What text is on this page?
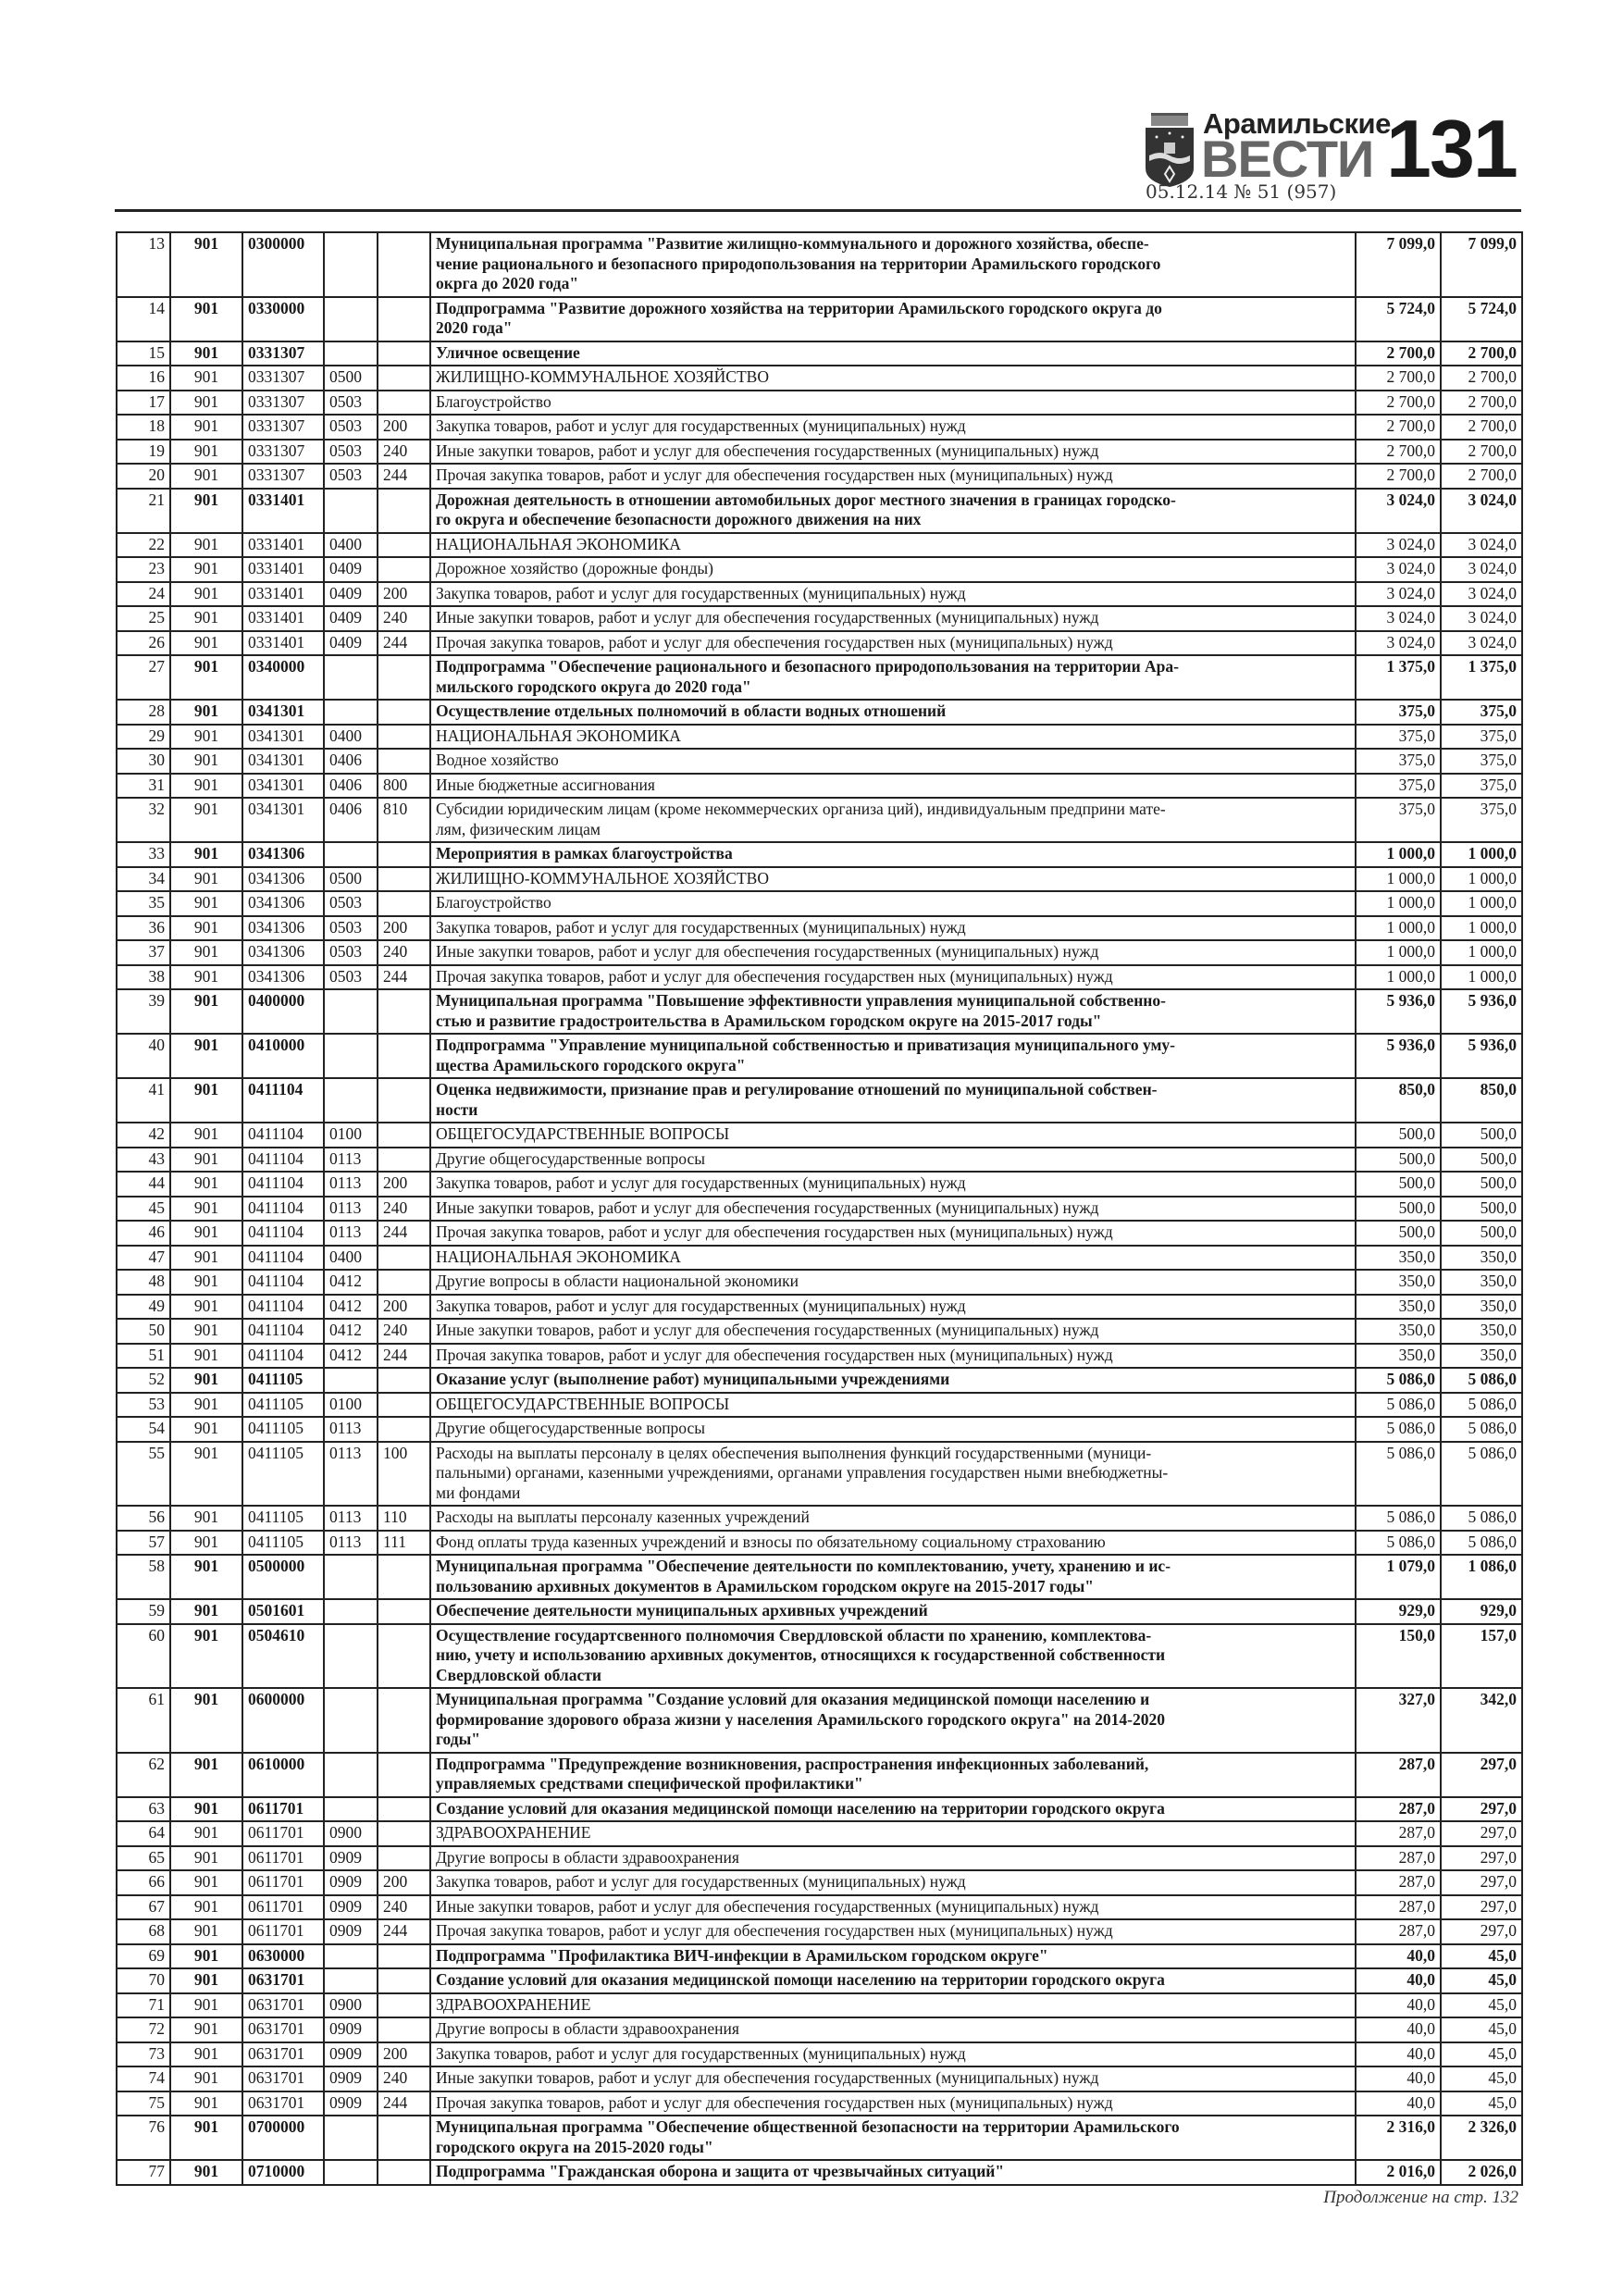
Арамильские
ВЕСТИ 131
05.12.14 № 51 (957)
13	901	0300000			Муниципальная программа "Развитие жилищно-коммунального и дорожного хозяйства, обеспе-
чение рационального и безопасного природопользования на территории Арамильского городского
окрга до 2020 года"	7 099,0	7 099,0
14	901	0330000			Подпрограмма "Развитие дорожного хозяйства на территории Арамильского городского округа до
2020 года"	5 724,0	5 724,0
15	901	0331307			Уличное освещение	2 700,0	2 700,0
16	901	0331307	0500		ЖИЛИЩНО-КОММУНАЛЬНОЕ ХОЗЯЙСТВО	2 700,0	2 700,0
17	901	0331307	0503		Благоустройство	2 700,0	2 700,0
18	901	0331307	0503	200	Закупка товаров, работ и услуг для государственных (муниципальных) нужд	2 700,0	2 700,0
19	901	0331307	0503	240	Иные закупки товаров, работ и услуг для обеспечения государственных (муниципальных) нужд	2 700,0	2 700,0
20	901	0331307	0503	244	Прочая закупка товаров, работ и услуг для обеспечения государствен ных (муниципальных) нужд	2 700,0	2 700,0
21	901	0331401			Дорожная деятельность в отношении автомобильных дорог местного значения в границах городско-
го округа и обеспечение безопасности дорожного движения на них	3 024,0	3 024,0
22	901	0331401	0400		НАЦИОНАЛЬНАЯ ЭКОНОМИКА	3 024,0	3 024,0
23	901	0331401	0409		Дорожное хозяйство (дорожные фонды)	3 024,0	3 024,0
24	901	0331401	0409	200	Закупка товаров, работ и услуг для государственных (муниципальных) нужд	3 024,0	3 024,0
25	901	0331401	0409	240	Иные закупки товаров, работ и услуг для обеспечения государственных (муниципальных) нужд	3 024,0	3 024,0
26	901	0331401	0409	244	Прочая закупка товаров, работ и услуг для обеспечения государствен ных (муниципальных) нужд	3 024,0	3 024,0
27	901	0340000			Подпрограмма "Обеспечение рационального и безопасного природопользования на территории Ара-
мильского городского округа до 2020 года"	1 375,0	1 375,0
28	901	0341301			Осуществление отдельных полномочий в области водных отношений	375,0	375,0
29	901	0341301	0400		НАЦИОНАЛЬНАЯ ЭКОНОМИКА	375,0	375,0
30	901	0341301	0406		Водное хозяйство	375,0	375,0
31	901	0341301	0406	800	Иные бюджетные ассигнования	375,0	375,0
32	901	0341301	0406	810	Субсидии юридическим лицам (кроме некоммерческих организа ций), индивидуальным предприни мате-
лям, физическим лицам	375,0	375,0
33	901	0341306			Мероприятия в рамках благоустройства	1 000,0	1 000,0
34	901	0341306	0500		ЖИЛИЩНО-КОММУНАЛЬНОЕ ХОЗЯЙСТВО	1 000,0	1 000,0
35	901	0341306	0503		Благоустройство	1 000,0	1 000,0
36	901	0341306	0503	200	Закупка товаров, работ и услуг для государственных (муниципальных) нужд	1 000,0	1 000,0
37	901	0341306	0503	240	Иные закупки товаров, работ и услуг для обеспечения государственных (муниципальных) нужд	1 000,0	1 000,0
38	901	0341306	0503	244	Прочая закупка товаров, работ и услуг для обеспечения государствен ных (муниципальных) нужд	1 000,0	1 000,0
39	901	0400000			Муниципальная программа "Повышение эффективности управления муниципальной собственно-
стью и развитие градостроительства в Арамильском городском округе на 2015-2017 годы"	5 936,0	5 936,0
40	901	0410000			Подпрограмма "Управление муниципальной собственностью и приватизация муниципального уму-
щества Арамильского городского округа"	5 936,0	5 936,0
41	901	0411104			Оценка недвижимости, признание прав и регулирование отношений по муниципальной собствен-
ности	850,0	850,0
42	901	0411104	0100		ОБЩЕГОСУДАРСТВЕННЫЕ ВОПРОСЫ	500,0	500,0
43	901	0411104	0113		Другие общегосударственные вопросы	500,0	500,0
44	901	0411104	0113	200	Закупка товаров, работ и услуг для государственных (муниципальных) нужд	500,0	500,0
45	901	0411104	0113	240	Иные закупки товаров, работ и услуг для обеспечения государственных (муниципальных) нужд	500,0	500,0
46	901	0411104	0113	244	Прочая закупка товаров, работ и услуг для обеспечения государствен ных (муниципальных) нужд	500,0	500,0
47	901	0411104	0400		НАЦИОНАЛЬНАЯ ЭКОНОМИКА	350,0	350,0
48	901	0411104	0412		Другие вопросы в области национальной экономики	350,0	350,0
49	901	0411104	0412	200	Закупка товаров, работ и услуг для государственных (муниципальных) нужд	350,0	350,0
50	901	0411104	0412	240	Иные закупки товаров, работ и услуг для обеспечения государственных (муниципальных) нужд	350,0	350,0
51	901	0411104	0412	244	Прочая закупка товаров, работ и услуг для обеспечения государствен ных (муниципальных) нужд	350,0	350,0
52	901	0411105			Оказание услуг (выполнение работ) муниципальными учреждениями	5 086,0	5 086,0
53	901	0411105	0100		ОБЩЕГОСУДАРСТВЕННЫЕ ВОПРОСЫ	5 086,0	5 086,0
54	901	0411105	0113		Другие общегосударственные вопросы	5 086,0	5 086,0
55	901	0411105	0113	100	Расходы на выплаты персоналу в целях обеспечения выполнения функций государственными (муници-
пальными) органами, казенными учреждениями, органами управления государствен ными внебюджетны-
ми фондами	5 086,0	5 086,0
56	901	0411105	0113	110	Расходы на выплаты персоналу казенных учреждений	5 086,0	5 086,0
57	901	0411105	0113	111	Фонд оплаты труда казенных учреждений и взносы по обязательному социальному страхованию	5 086,0	5 086,0
58	901	0500000			Муниципальная программа "Обеспечение деятельности по комплектованию, учету, хранению и ис-
пользованию архивных документов в Арамильском городском округе на 2015-2017 годы"	1 079,0	1 086,0
59	901	0501601			Обеспечение деятельности муниципальных архивных учреждений	929,0	929,0
60	901	0504610			Осуществление государтсвенного полномочия Свердловской области по хранению, комплектова-
нию, учету и использованию архивных документов, относящихся к государственной собственности
Свердловской области	150,0	157,0
61	901	0600000			Муниципальная программа "Создание условий для оказания медицинской помощи населению и
формирование здорового образа жизни у населения Арамильского городского округа" на 2014-2020
годы"	327,0	342,0
62	901	0610000			Подпрограмма "Предупреждение возникновения, распространения инфекционных заболеваний,
управляемых средствами специфической профилактики"	287,0	297,0
63	901	0611701			Создание условий для оказания медицинской помощи населению на территории городского округа	287,0	297,0
64	901	0611701	0900		ЗДРАВООХРАНЕНИЕ	287,0	297,0
65	901	0611701	0909		Другие вопросы в области здравоохранения	287,0	297,0
66	901	0611701	0909	200	Закупка товаров, работ и услуг для государственных (муниципальных) нужд	287,0	297,0
67	901	0611701	0909	240	Иные закупки товаров, работ и услуг для обеспечения государственных (муниципальных) нужд	287,0	297,0
68	901	0611701	0909	244	Прочая закупка товаров, работ и услуг для обеспечения государствен ных (муниципальных) нужд	287,0	297,0
69	901	0630000			Подпрограмма "Профилактика ВИЧ-инфекции в Арамильском городском округе"	40,0	45,0
70	901	0631701			Создание условий для оказания медицинской помощи населению на территории городского округа	40,0	45,0
71	901	0631701	0900		ЗДРАВООХРАНЕНИЕ	40,0	45,0
72	901	0631701	0909		Другие вопросы в области здравоохранения	40,0	45,0
73	901	0631701	0909	200	Закупка товаров, работ и услуг для государственных (муниципальных) нужд	40,0	45,0
74	901	0631701	0909	240	Иные закупки товаров, работ и услуг для обеспечения государственных (муниципальных) нужд	40,0	45,0
75	901	0631701	0909	244	Прочая закупка товаров, работ и услуг для обеспечения государствен ных (муниципальных) нужд	40,0	45,0
76	901	0700000			Муниципальная программа "Обеспечение общественной безопасности на территории Арамильского
городского округа на 2015-2020 годы"	2 316,0	2 326,0
77	901	0710000			Подпрограмма "Гражданская оборона и защита от чрезвычайных ситуаций"	2 016,0	2 026,0
Продолжение на стр. 132
